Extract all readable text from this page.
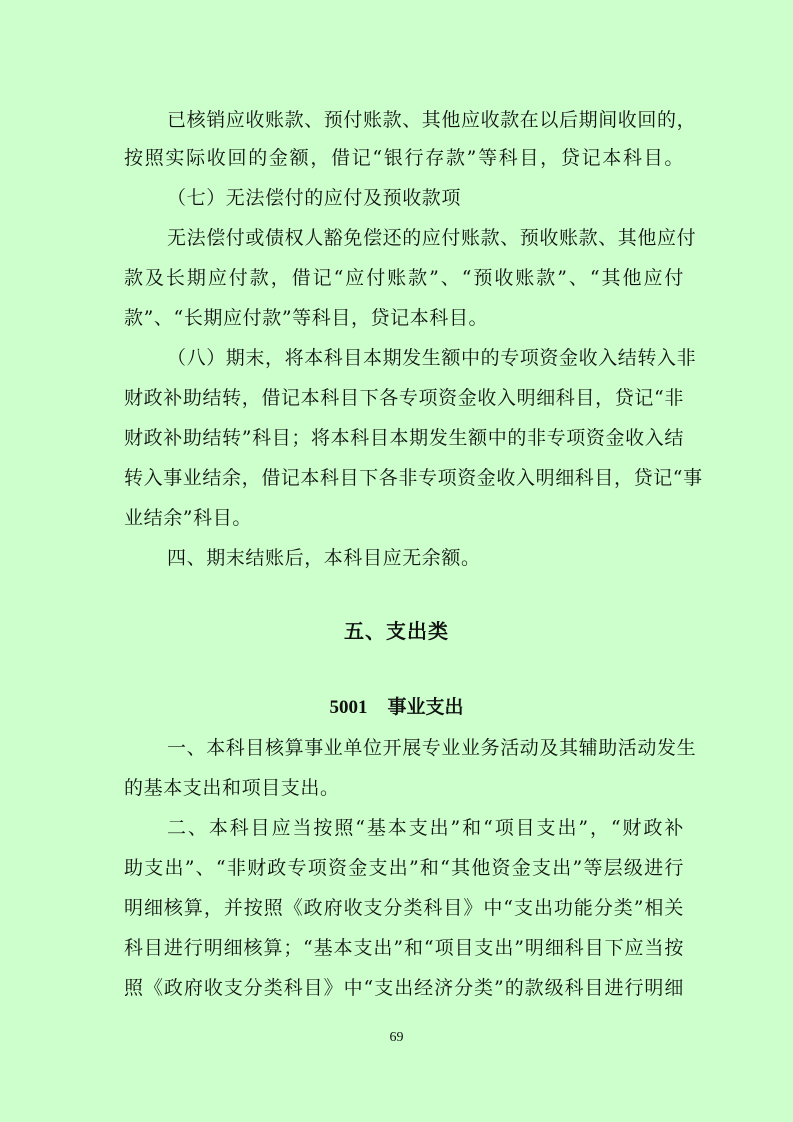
已核销应收账款、预付账款、其他应收款在以后期间收回的，
按照实际收回的金额，借记“银行存款”等科目，贷记本科目。
（七）无法偿付的应付及预收款项
无法偿付或债权人豁免偿还的应付账款、预收账款、其他应付
款及长期应付款，借记“应付账款”、“预收账款”、“其他应付
款”、“长期应付款”等科目，贷记本科目。
（八）期末，将本科目本期发生额中的专项资金收入结转入非
财政补助结转，借记本科目下各专项资金收入明细科目，贷记“非
财政补助结转”科目；将本科目本期发生额中的非专项资金收入结
转入事业结余，借记本科目下各非专项资金收入明细科目，贷记“事
业结余”科目。
四、期末结账后，本科目应无余额。
五、支出类
5001 事业支出
一、本科目核算事业单位开展专业业务活动及其辅助活动发生
的基本支出和项目支出。
二、本科目应当按照“基本支出”和“项目支出”，“财政补
助支出”、“非财政专项资金支出”和“其他资金支出”等层级进行
明细核算，并按照《政府收支分类科目》中“支出功能分类”相关
科目进行明细核算；“基本支出”和“项目支出”明细科目下应当按
照《政府收支分类科目》中“支出经济分类”的款级科目进行明细
69
